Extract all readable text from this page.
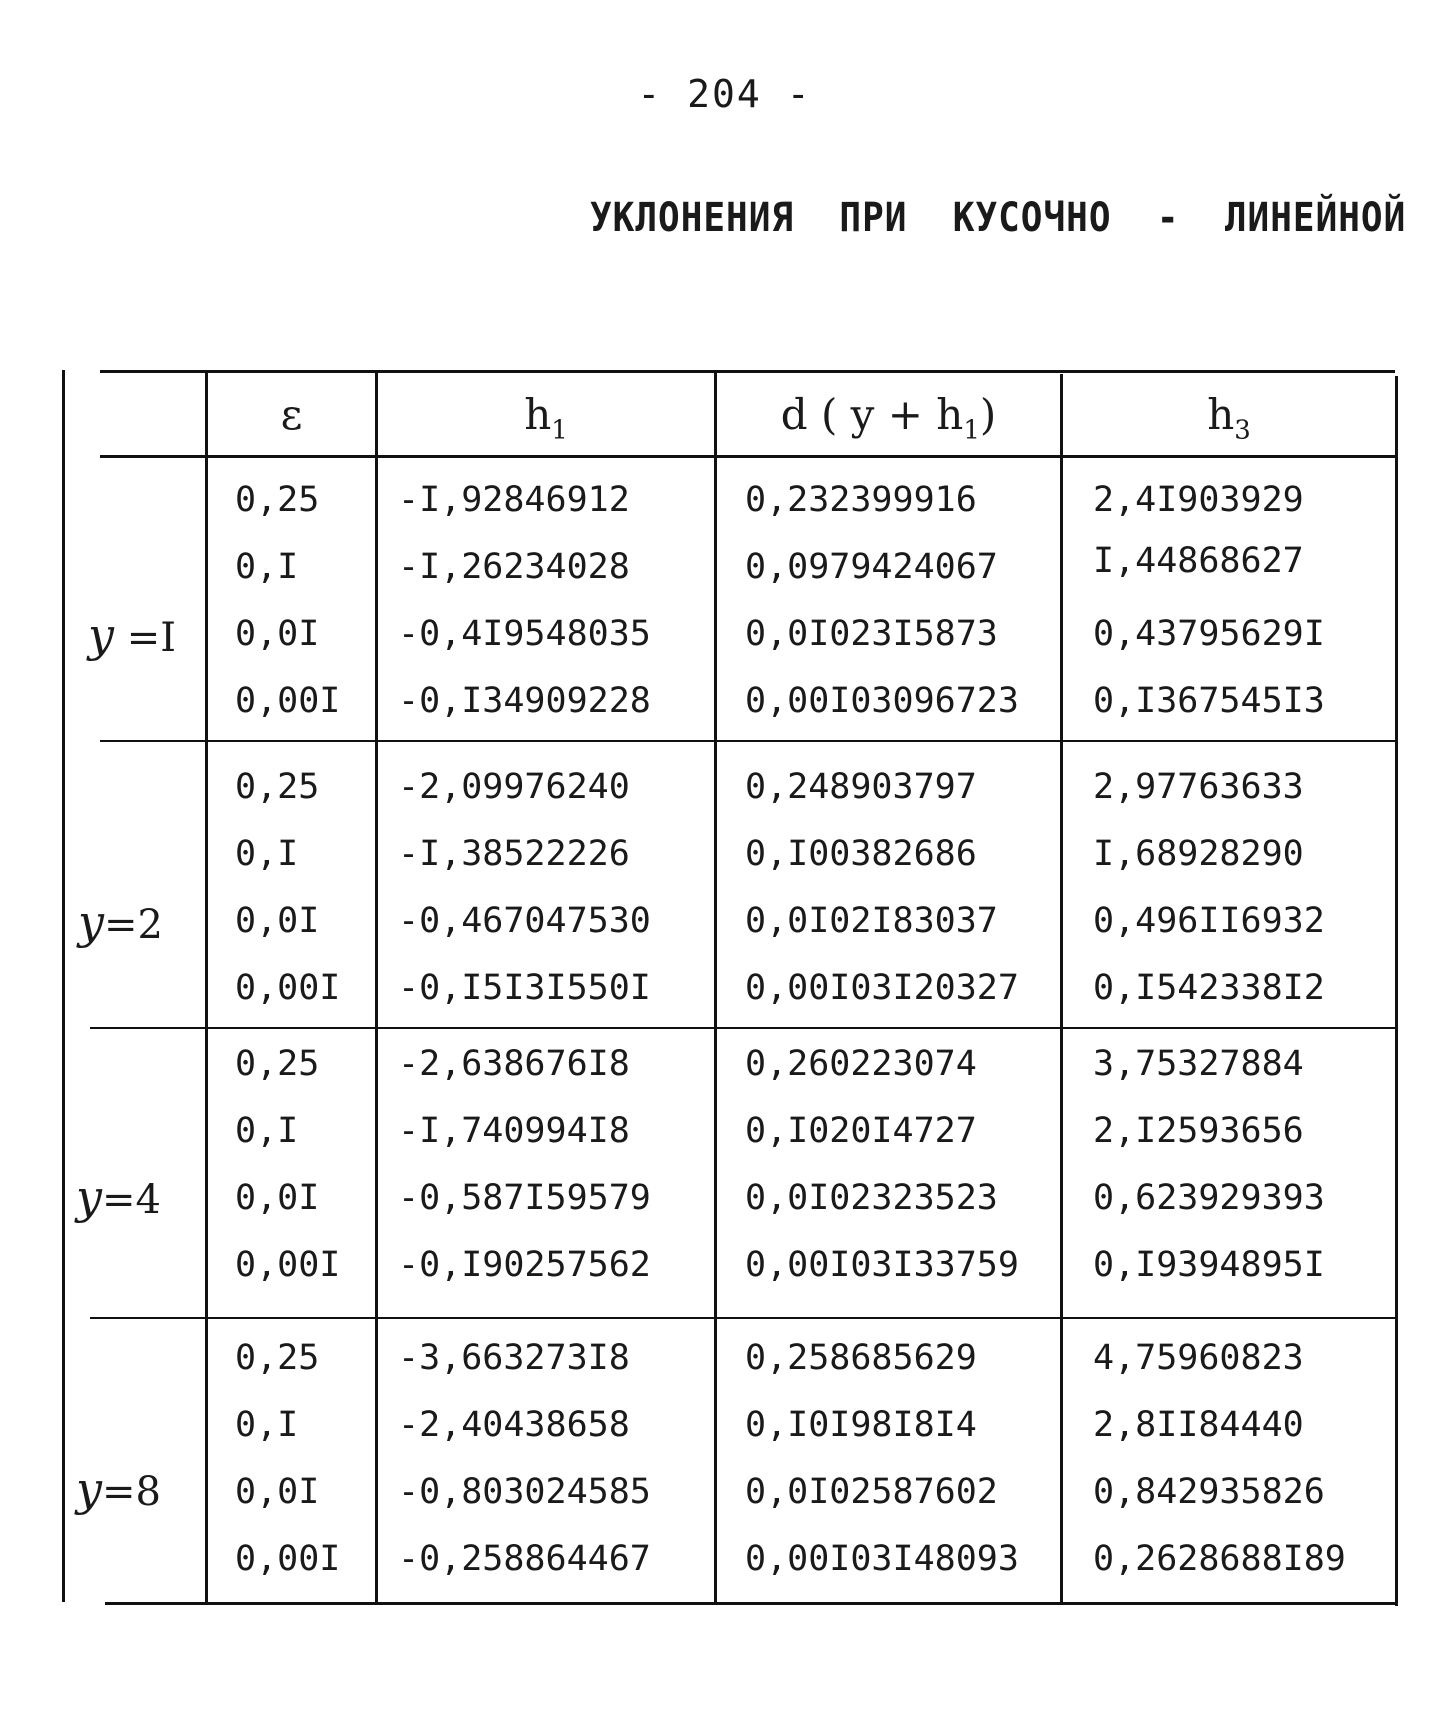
- 204 -
УКЛОНЕНИЯ  ПРИ  КУСОЧНО  -  ЛИНЕЙНОЙ
ε	$h_1$	d ( $y + h_1$)	$h_3$
y =I
0,25 -I,92846912	0,232399916	2,4I903929
0,I	-I,26234028	0,0979424067	I,44868627
0,0I -0,4I9548035	0,0I023I5873	0,43795629I
0,00I -0,I34909228	0,00I03096723 0,I367545I3
y=2
0,25 -2,09976240	0,248903797	2,97763633
0,I	-I,38522226	0,I00382686	I,68928290
0,0I -0,467047530	0,0I02I83037	0,496II6932
0,00I -0,I5I3I550I	0,00I03I20327 0,I542338I2
y=4
0,25 -2,638676I8	0,260223074	3,75327884
0,I	-I,740994I8	0,I020I4727	2,I2593656
0,0I -0,587I59579	0,0I02323523	0,623929393
0,00I -0,I90257562	0,00I03I33759 0,I9394895I
y=8
0,25 -3,663273I8	0,258685629	4,75960823
0,I	-2,40438658	0,I0I98I8I4	2,8II84440
0,0I -0,803024585	0,0I02587602	0,842935826
0,00I -0,258864467	0,00I03I48093 0,2628688I89
